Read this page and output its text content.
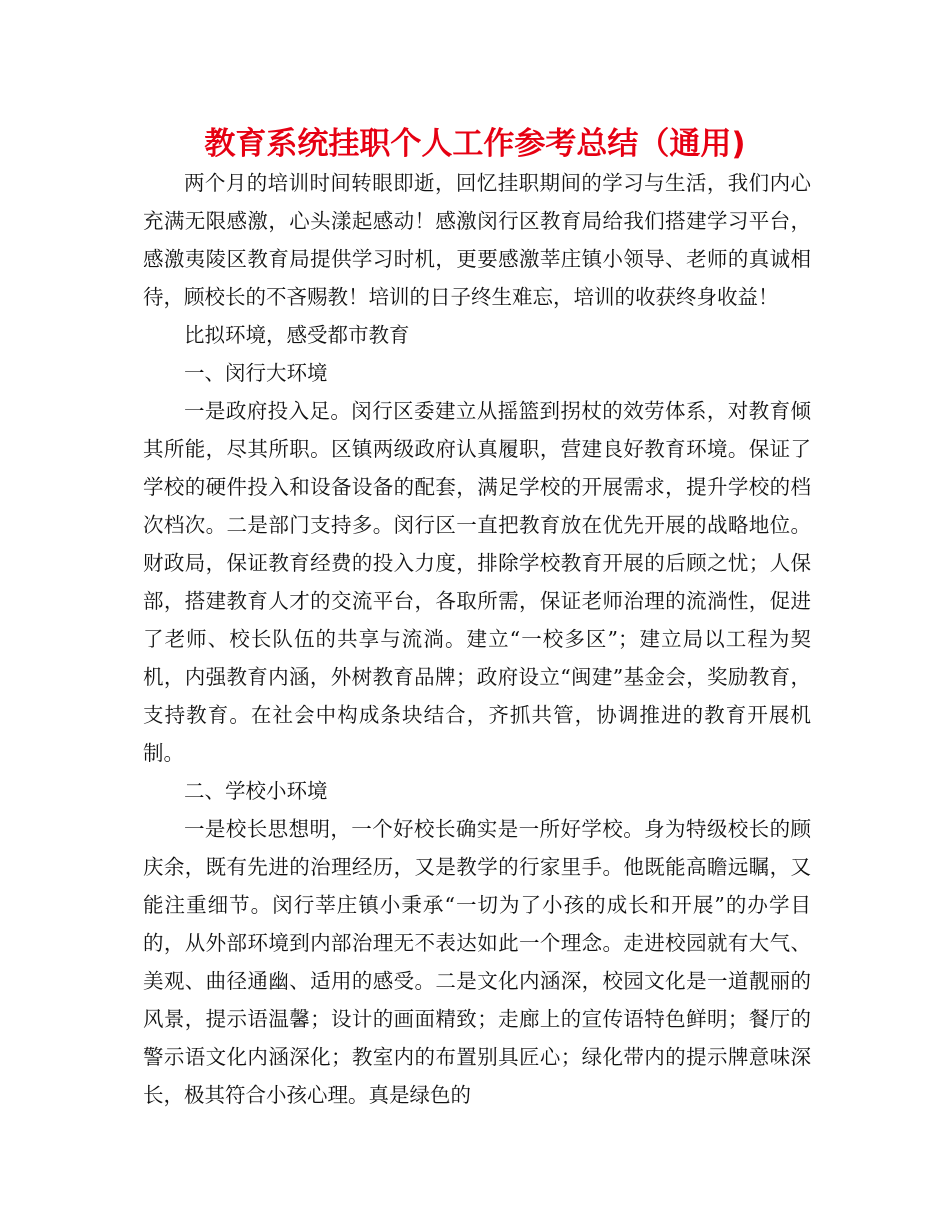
教育系统挂职个人工作参考总结（通用)

两个月的培训时间转眼即逝，回忆挂职期间的学习与生活，我们内心充满无限感激，心头漾起感动！感激闵行区教育局给我们搭建学习平台，感激夷陵区教育局提供学习时机，更要感激莘庄镇小领导、老师的真诚相待，顾校长的不吝赐教！培训的日子终生难忘，培训的收获终身收益！

比拟环境，感受都市教育

一、闵行大环境

一是政府投入足。闵行区委建立从摇篮到拐杖的效劳体系，对教育倾其所能，尽其所职。区镇两级政府认真履职，营建良好教育环境。保证了学校的硬件投入和设备设备的配套，满足学校的开展需求，提升学校的档次档次。二是部门支持多。闵行区一直把教育放在优先开展的战略地位。财政局，保证教育经费的投入力度，排除学校教育开展的后顾之忧；人保部，搭建教育人才的交流平台，各取所需，保证老师治理的流淌性，促进了老师、校长队伍的共享与流淌。建立“一校多区”；建立局以工程为契机，内强教育内涵，外树教育品牌；政府设立“闽建”基金会，奖励教育，支持教育。在社会中构成条块结合，齐抓共管，协调推进的教育开展机制。

二、学校小环境

一是校长思想明，一个好校长确实是一所好学校。身为特级校长的顾庆余，既有先进的治理经历，又是教学的行家里手。他既能高瞻远瞩，又能注重细节。闵行莘庄镇小秉承“一切为了小孩的成长和开展”的办学目的，从外部环境到内部治理无不表达如此一个理念。走进校园就有大气、美观、曲径通幽、适用的感受。二是文化内涵深，校园文化是一道靓丽的风景，提示语温馨；设计的画面精致；走廊上的宣传语特色鲜明；餐厅的警示语文化内涵深化；教室内的布置别具匠心；绿化带内的提示牌意味深长，极其符合小孩心理。真是绿色的
